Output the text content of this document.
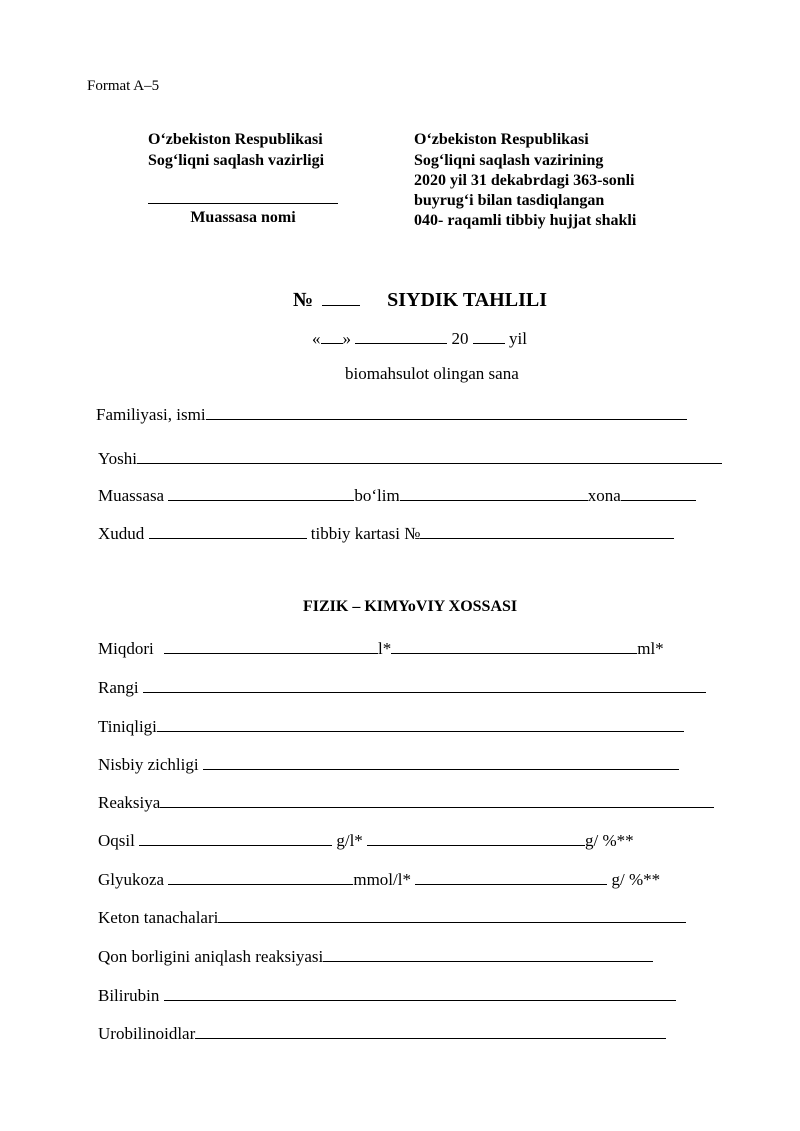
Format A–5
O‘zbekiston Respublikasi
Sog‘liqni saqlash vazirligi
Muassasa nomi
O‘zbekiston Respublikasi
Sog‘liqni saqlash vazirining
2020 yil 31 dekabrdagi 363-sonli
buyrug‘i bilan tasdiqlangan
040- raqamli tibbiy hujjat shakli
№	SIYDIK TAHLILI
« »	20 yil
biomahsulot olingan sana
Familiyasi, ismi
Yoshi
Muassasa	bo‘lim	xona
Xudud	tibbiy kartasi №
FIZIK – KIMYoVIY XOSSASI
Miqdori	l*	ml*
Rangi
Tiniqligi
Nisbiy zichligi
Reaksiya
Oqsil	g/l*	g/ %**
Glyukoza	mmol/l*	g/ %**
Keton tanachalari
Qon borligini aniqlash reaksiyasi
Bilirubin
Urobilinoidlar
